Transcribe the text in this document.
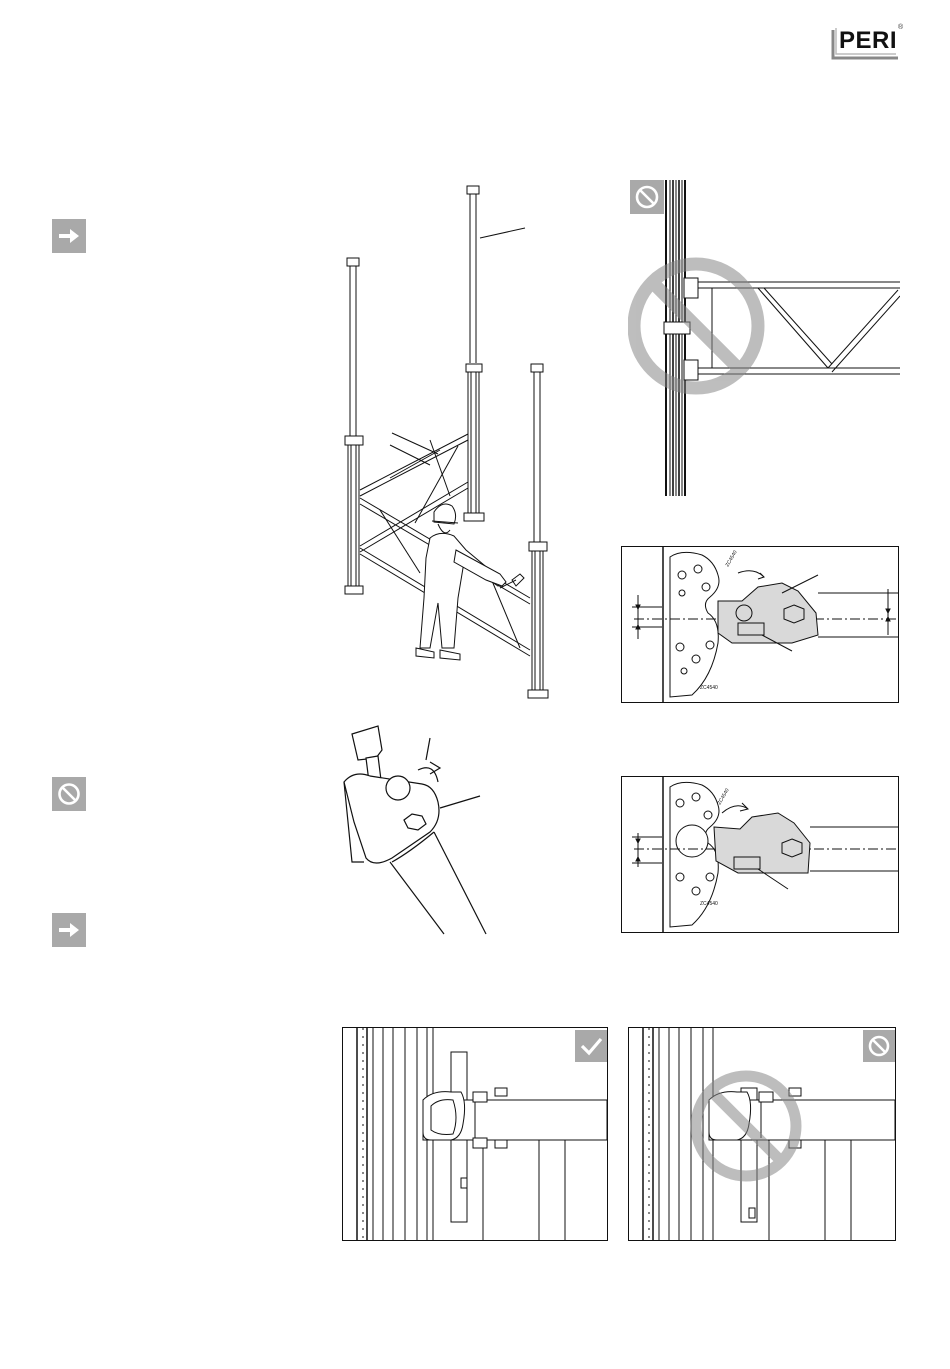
PERI ®
ZC4540
ZC4540
ZC4540
ZC4540
